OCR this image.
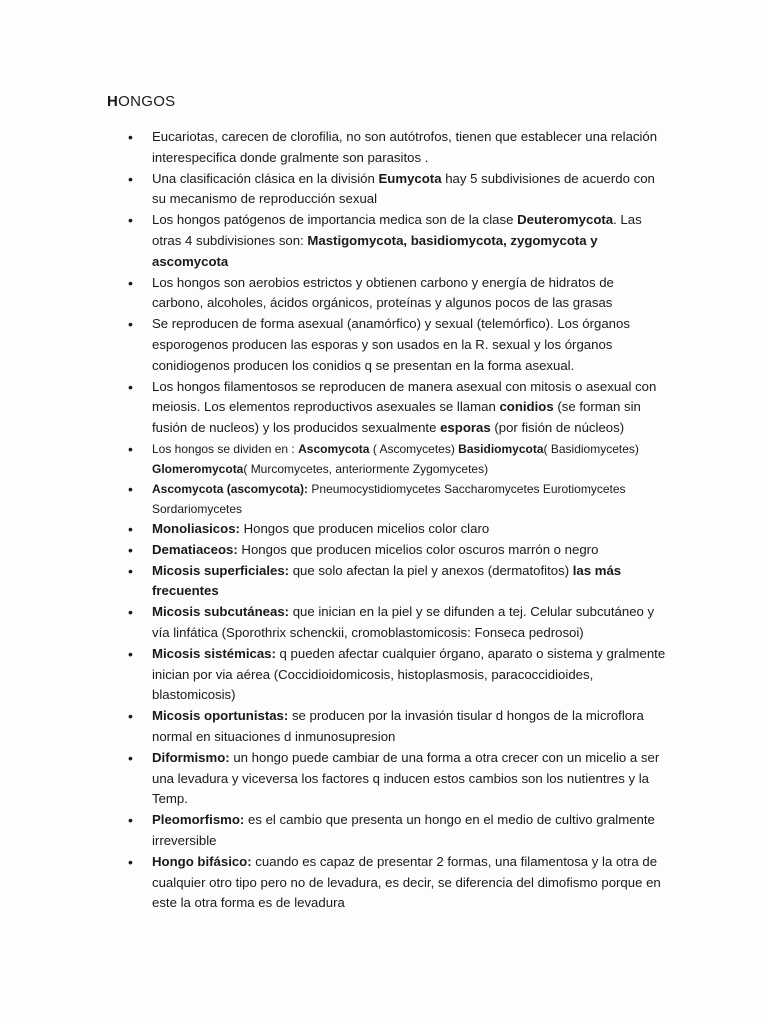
HONGOS
• Eucariotas, carecen de clorofilia, no son autótrofos, tienen que establecer una relación interespecifica donde gralmente son parasitos .
• Una clasificación clásica en la división Eumycota hay 5 subdivisiones de acuerdo con su mecanismo de reproducción sexual
• Los hongos patógenos de importancia medica son de la clase Deuteromycota. Las otras 4 subdivisiones son: Mastigomycota, basidiomycota, zygomycota y ascomycota
• Los hongos son aerobios estrictos y obtienen carbono y energía de hidratos de carbono, alcoholes, ácidos orgánicos, proteínas y algunos pocos de las grasas
• Se reproducen de forma asexual (anamórfico) y sexual (telemórfico). Los órganos esporogenos producen las esporas y son usados en la R. sexual y los órganos conidiogenos producen los conidios q se presentan en la forma asexual.
• Los hongos filamentosos se reproducen de manera asexual con mitosis o asexual con meiosis. Los elementos reproductivos asexuales se llaman conidios (se forman sin fusión de nucleos) y los producidos sexualmente esporas (por fisión de núcleos)
• Los hongos se dividen en : Ascomycota ( Ascomycetes) Basidiomycota( Basidiomycetes) Glomeromycota( Murcomycetes, anteriormente Zygomycetes)
• Ascomycota (ascomycota): Pneumocystidiomycetes Saccharomycetes Eurotiomycetes Sordariomycetes
• Monoliasicos: Hongos que producen micelios color claro
• Dematiaceos: Hongos que producen micelios color oscuros marrón o negro
• Micosis superficiales: que solo afectan la piel y anexos (dermatofitos) las más frecuentes
• Micosis subcutáneas: que inician en la piel y se difunden a tej. Celular subcutáneo y vía linfática (Sporothrix schenckii, cromoblastomicosis: Fonseca pedrosoi)
• Micosis sistémicas: q pueden afectar cualquier órgano, aparato o sistema y gralmente inician por via aérea (Coccidioidomicosis, histoplasmosis, paracoccidioides, blastomicosis)
• Micosis oportunistas: se producen por la invasión tisular d hongos de la microflora normal en situaciones d inmunosupresion
• Diformismo: un hongo puede cambiar de una forma a otra crecer con un micelio a ser una levadura y viceversa los factores q inducen estos cambios son los nutientres y la Temp.
• Pleomorfismo: es el cambio que presenta un hongo en el medio de cultivo gralmente irreversible
• Hongo bifásico: cuando es capaz de presentar 2 formas, una filamentosa y la otra de cualquier otro tipo pero no de levadura, es decir, se diferencia del dimofismo porque en este la otra forma es de levadura
